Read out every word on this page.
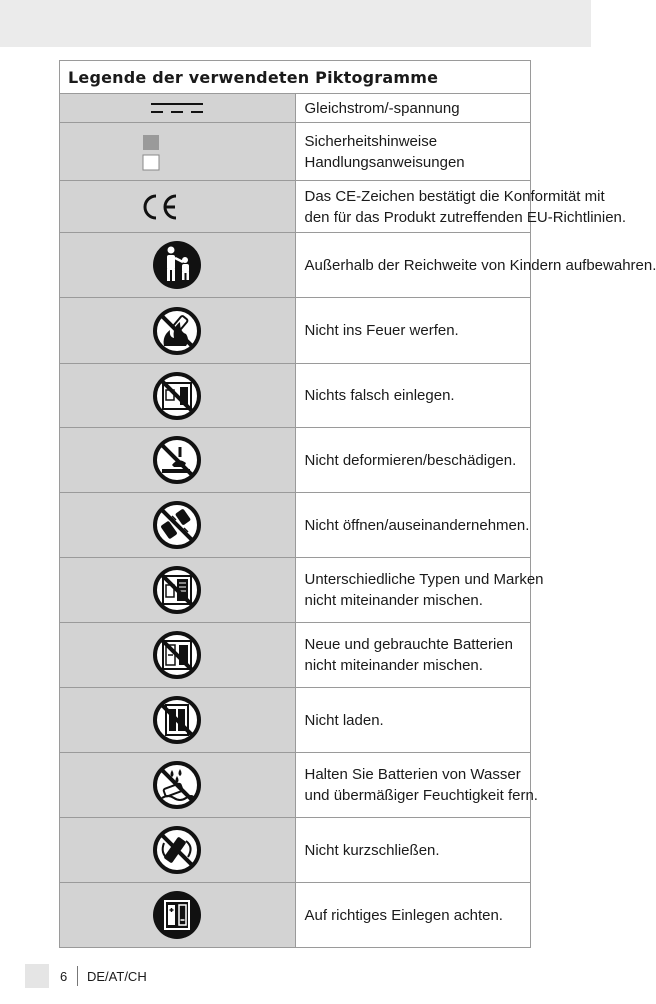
Legende der verwendeten Piktogramme	

Gleichstrom/-spannung

Sicherheitshinweise
Handlungsanweisungen

Das CE-Zeichen bestätigt die Konformität mit
den für das Produkt zutreffenden EU-Richtlinien.

Außerhalb der Reichweite von Kindern aufbewahren.

Nicht ins Feuer werfen.

Nichts falsch einlegen.

Nicht deformieren/beschädigen.

Nicht öffnen/auseinandernehmen.

Unterschiedliche Typen und Marken
nicht miteinander mischen.

Neue und gebrauchte Batterien
nicht miteinander mischen.

Nicht laden.

Halten Sie Batterien von Wasser
und übermäßiger Feuchtigkeit fern.

Nicht kurzschließen.

Auf richtiges Einlegen achten.
6 DE/AT/CH
